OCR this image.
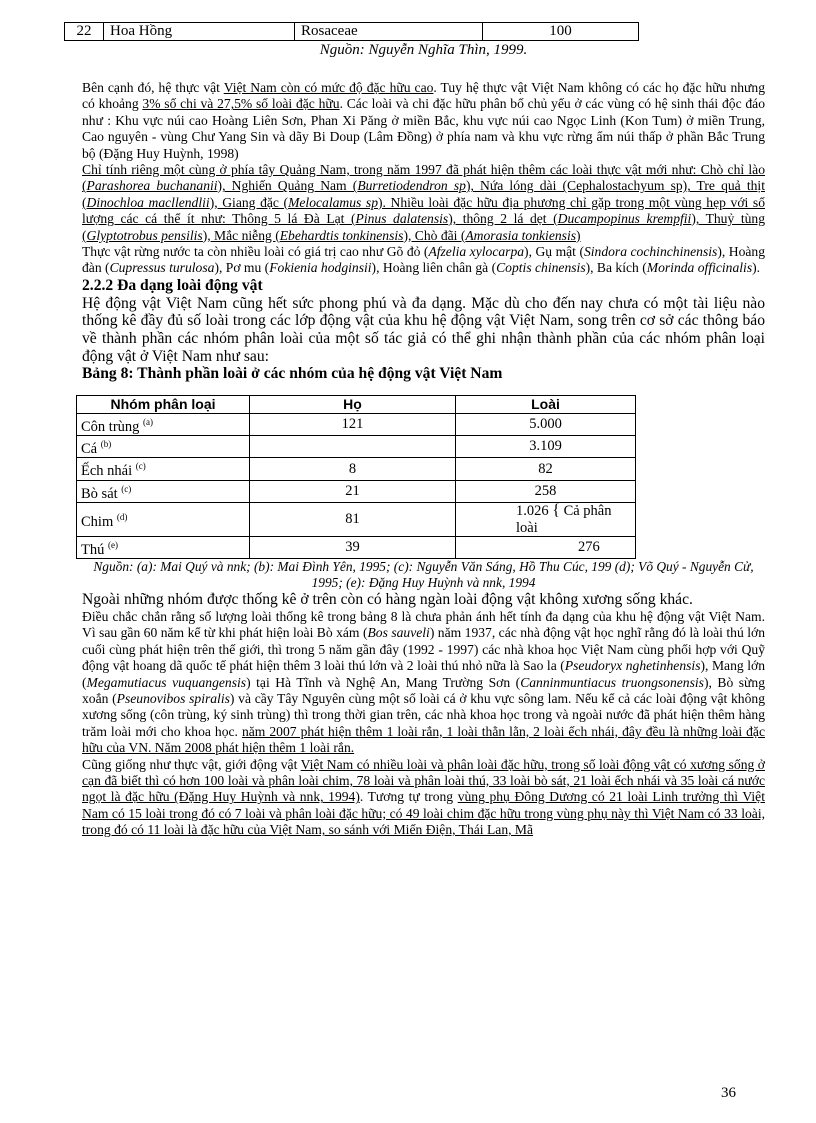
22	Hoa Hồng	Rosaceae	100
Nguồn: Nguyễn Nghĩa Thìn, 1999.

Bên cạnh đó, hệ thực vật Việt Nam còn có mức độ đặc hữu cao. Tuy hệ thực vật Việt Nam không có các họ đặc hữu nhưng có khoảng 3% số chi và 27,5% số loài đặc hữu. Các loài và chi đặc hữu phân bố chủ yếu ở các vùng có hệ sinh thái độc đáo như : Khu vực núi cao Hoàng Liên Sơn, Phan Xi Păng ở miền Bắc, khu vực núi cao Ngọc Linh (Kon Tum) ở miền Trung, Cao nguyên - vùng Chư Yang Sin và dãy Bi Doup (Lâm Đồng) ở phía nam và khu vực rừng ẩm núi thấp ở phần Bắc Trung bộ (Đặng Huy Huỳnh, 1998)

Chỉ tính riêng một cùng ở phía tây Quảng Nam, trong năm 1997 đã phát hiện thêm các loài thực vật mới như: Chò chỉ lào (Parashorea buchananii), Nghiến Quảng Nam (Burretiodendron sp), Nứa lóng dài (Cephalostachyum sp), Tre quả thịt (Dinochloa macllendlii), Giang đặc (Melocalamus sp). Nhiều loài đặc hữu địa phương chỉ gặp trong một vùng hẹp với số lượng các cá thể ít như: Thông 5 lá Đà Lạt (Pinus dalatensis), thông 2 lá dẹt (Ducampopinus krempfii), Thuỷ tùng (Glyptotrobus pensilis), Mắc niễng (Ebehardtis tonkinensis), Chò đãi (Amorasia tonkiensis)

Thực vật rừng nước ta còn nhiều loài có giá trị cao như Gõ đỏ (Afzelia xylocarpa), Gụ mật (Sindora cochinchinensis), Hoàng đàn (Cupressus turulosa), Pơ mu (Fokienia hodginsii), Hoàng liên chân gà (Coptis chinensis), Ba kích (Morinda officinalis).

2.2.2 Đa dạng loài động vật

Hệ động vật Việt Nam cũng hết sức phong phú và đa dạng. Mặc dù cho đến nay chưa có một tài liệu nào thống kê đầy đủ số loài trong các lớp động vật của khu hệ động vật Việt Nam, song trên cơ sở các thông báo về thành phần các nhóm phân loài của một số tác giả có thể ghi nhận thành phần của các nhóm phân loại động vật ở Việt Nam như sau:

Bảng 8: Thành phần loài ở các nhóm của hệ động vật Việt Nam
Nhóm phân loại	Họ	Loài
Côn trùng $^{(a)}$	121	5.000
Cá $^{(b)}$		3.109
Ếch nhái $^{(c)}$	8	82
Bò sát $^{(c)}$	21	258
Chim $^{(d)}$	81	1.026 { Cả phân loài
Thú $^{(e)}$	39	276
Nguồn: (a): Mai Quý và nnk; (b): Mai Đình Yên, 1995; (c): Nguyễn Văn Sáng, Hồ Thu Cúc, 199 (d); Võ Quý - Nguyễn Cử, 1995; (e): Đặng Huy Huỳnh và nnk, 1994

Ngoài những nhóm được thống kê ở trên còn có hàng ngàn loài động vật không xương sống khác.

Điều chắc chắn rằng số lượng loài thống kê trong bảng 8 là chưa phản ánh hết tính đa dạng của khu hệ động vật Việt Nam. Vì sau gần 60 năm kể từ khi phát hiện loài Bò xám (Bos sauveli) năm 1937, các nhà động vật học nghĩ rằng đó là loài thú lớn cuối cùng phát hiện trên thế giới, thì trong 5 năm gần đây (1992 - 1997) các nhà khoa học Việt Nam cùng phối hợp với Quỹ động vật hoang dã quốc tế phát hiện thêm 3 loài thú lớn và 2 loài thú nhỏ nữa là Sao la (Pseudoryx nghetinhensis), Mang lớn (Megamutiacus vuquangensis) tại Hà Tĩnh và Nghệ An, Mang Trường Sơn (Canninmuntiacus truongsonensis), Bò sừng xoắn (Pseunovibos spiralis) và cầy Tây Nguyên cùng một số loài cá ở khu vực sông lam. Nếu kể cả các loài động vật không xương sống (côn trùng, ký sinh trùng) thì trong thời gian trên, các nhà khoa học trong và ngoài nước đã phát hiện thêm hàng trăm loài mới cho khoa học. năm 2007 phát hiện thêm 1 loài rắn, 1 loài thằn lằn, 2 loài ếch nhái, đây đều là những loài đặc hữu của VN. Năm 2008 phát hiện thêm 1 loài rắn.

Cũng giống như thực vật, giới động vật Việt Nam có nhiều loài và phân loài đặc hữu, trong số loài động vật có xương sống ở cạn đã biết thì có hơn 100 loài và phân loài chim, 78 loài và phân loài thú, 33 loài bò sát, 21 loài ếch nhái và 35 loài cá nước ngọt là đặc hữu (Đặng Huy Huỳnh và nnk, 1994). Tương tự trong vùng phụ Đông Dương có 21 loài Linh trưởng thì Việt Nam có 15 loài trong đó có 7 loài và phân loài đặc hữu; có 49 loài chim đặc hữu trong vùng phụ này thì Việt Nam có 33 loài, trong đó có 11 loài là đặc hữu của Việt Nam, so sánh với Miến Điện, Thái Lan, Mã

36
